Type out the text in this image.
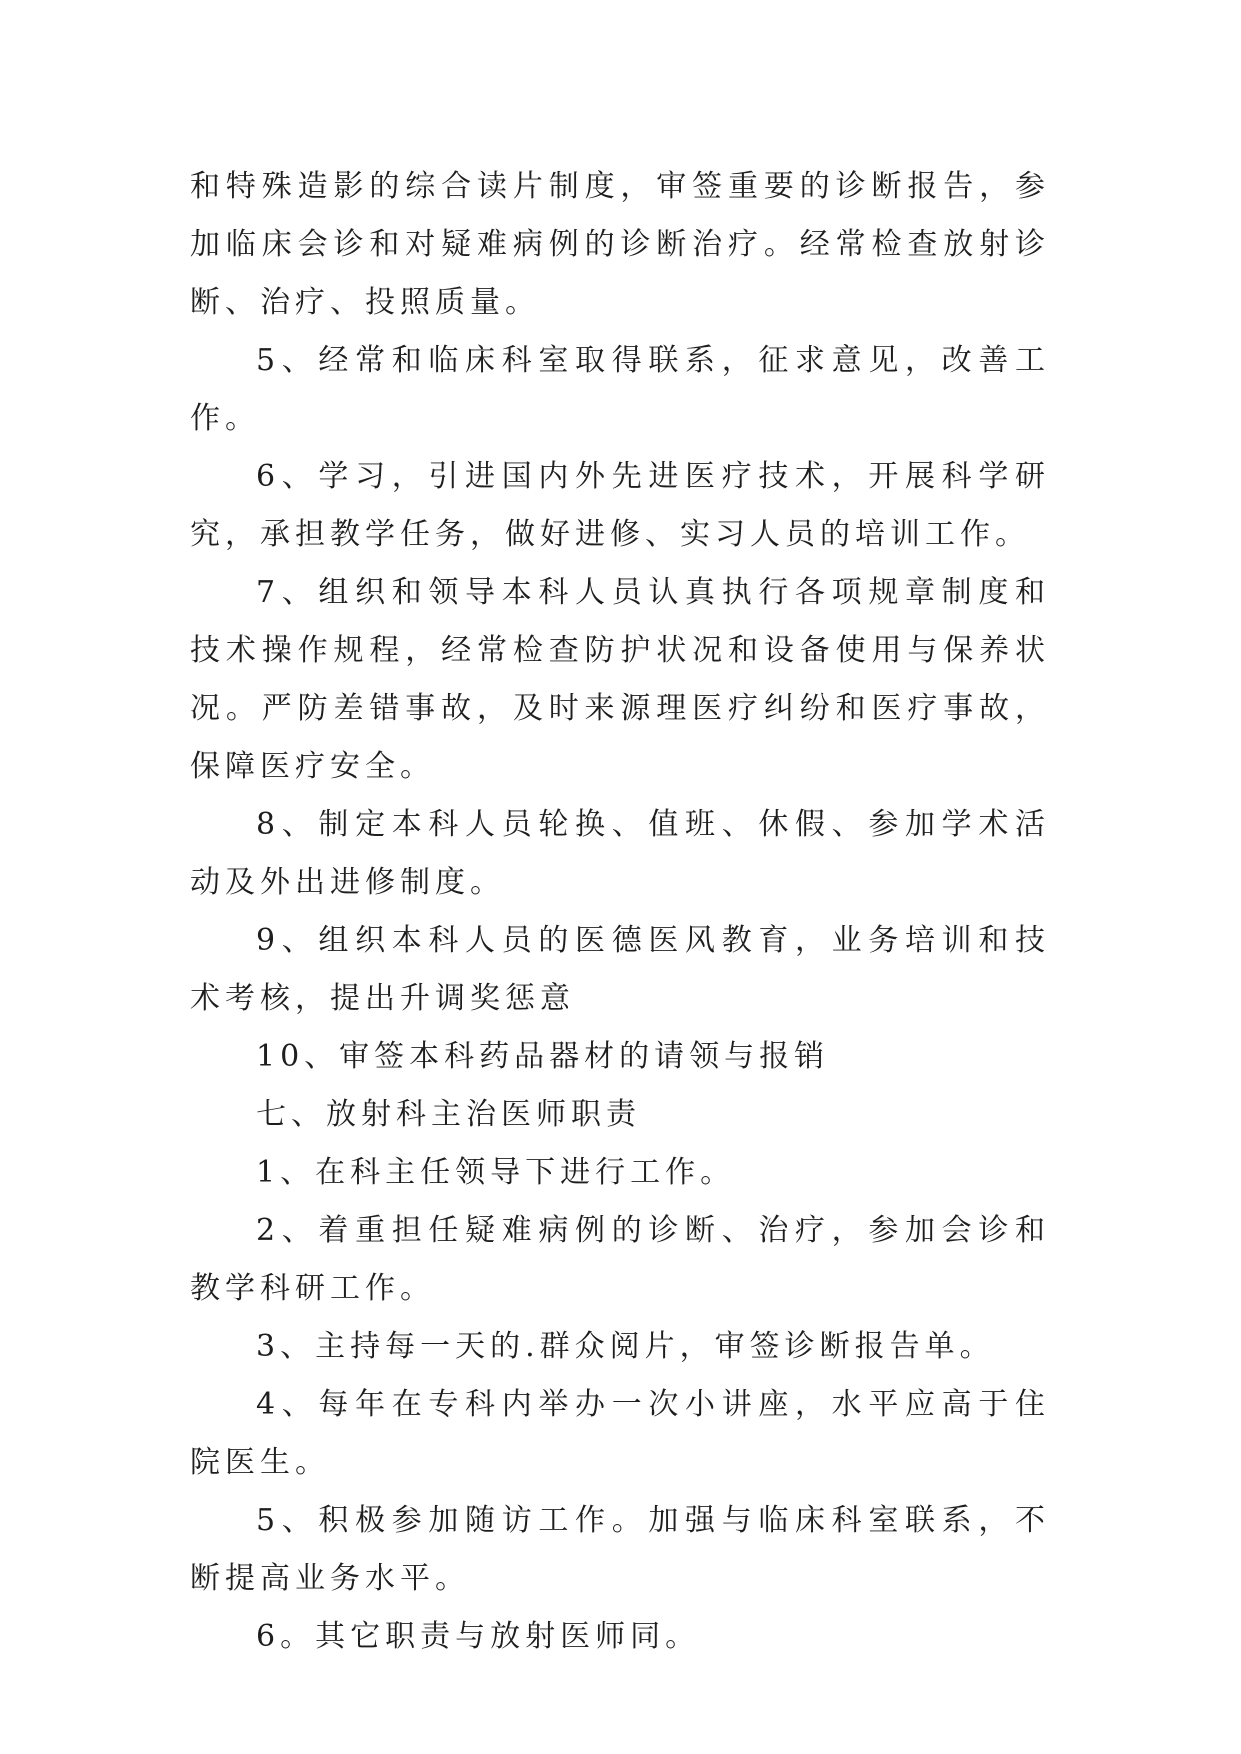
和特殊造影的综合读片制度，审签重要的诊断报告，参加临床会诊和对疑难病例的诊断治疗。经常检查放射诊断、治疗、投照质量。

5、经常和临床科室取得联系，征求意见，改善工作。

6、学习，引进国内外先进医疗技术，开展科学研究，承担教学任务，做好进修、实习人员的培训工作。

7、组织和领导本科人员认真执行各项规章制度和技术操作规程，经常检查防护状况和设备使用与保养状况。严防差错事故，及时来源理医疗纠纷和医疗事故，保障医疗安全。

8、制定本科人员轮换、值班、休假、参加学术活动及外出进修制度。

9、组织本科人员的医德医风教育，业务培训和技术考核，提出升调奖惩意

10、审签本科药品器材的请领与报销

七、放射科主治医师职责

1、在科主任领导下进行工作。

2、着重担任疑难病例的诊断、治疗，参加会诊和教学科研工作。

3、主持每一天的.群众阅片，审签诊断报告单。

4、每年在专科内举办一次小讲座，水平应高于住院医生。

5、积极参加随访工作。加强与临床科室联系，不断提高业务水平。

6。其它职责与放射医师同。
